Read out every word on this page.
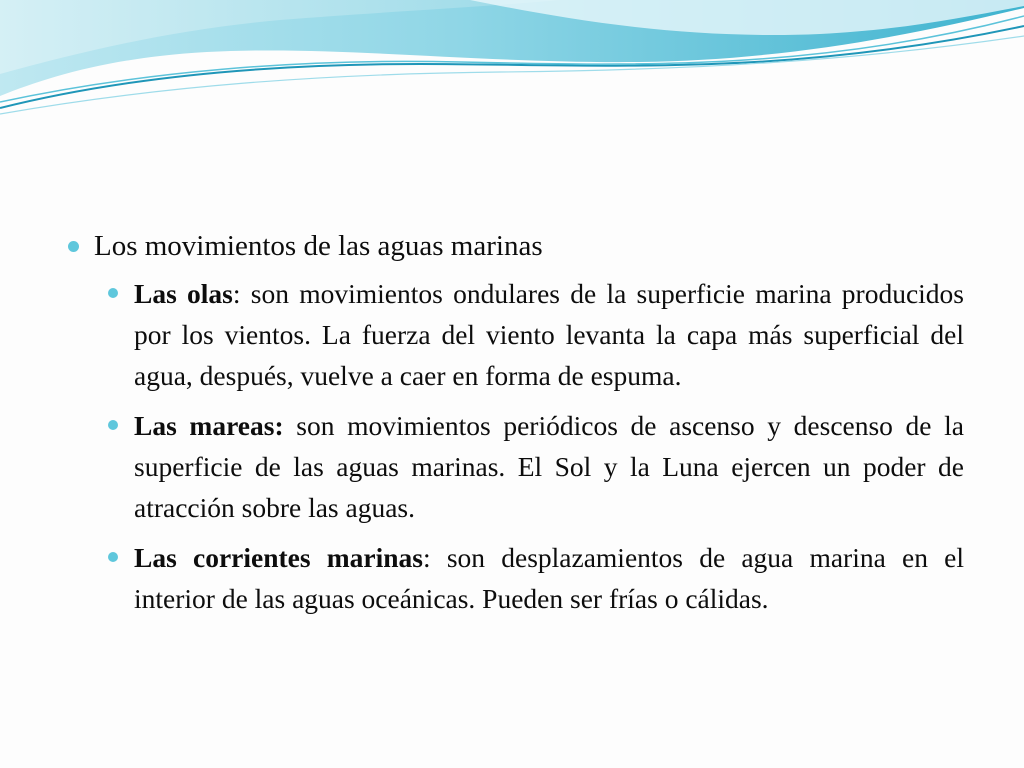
Los movimientos de las aguas marinas

Las olas: son movimientos ondulares de la superficie marina producidos por los vientos. La fuerza del viento levanta la capa más superficial del agua, después, vuelve a caer en forma de espuma.
Las mareas: son movimientos periódicos de ascenso y descenso de la superficie de las aguas marinas. El Sol y la Luna ejercen un poder de atracción sobre las aguas.
Las corrientes marinas: son desplazamientos de agua marina en el interior de las aguas oceánicas. Pueden ser frías o cálidas.
